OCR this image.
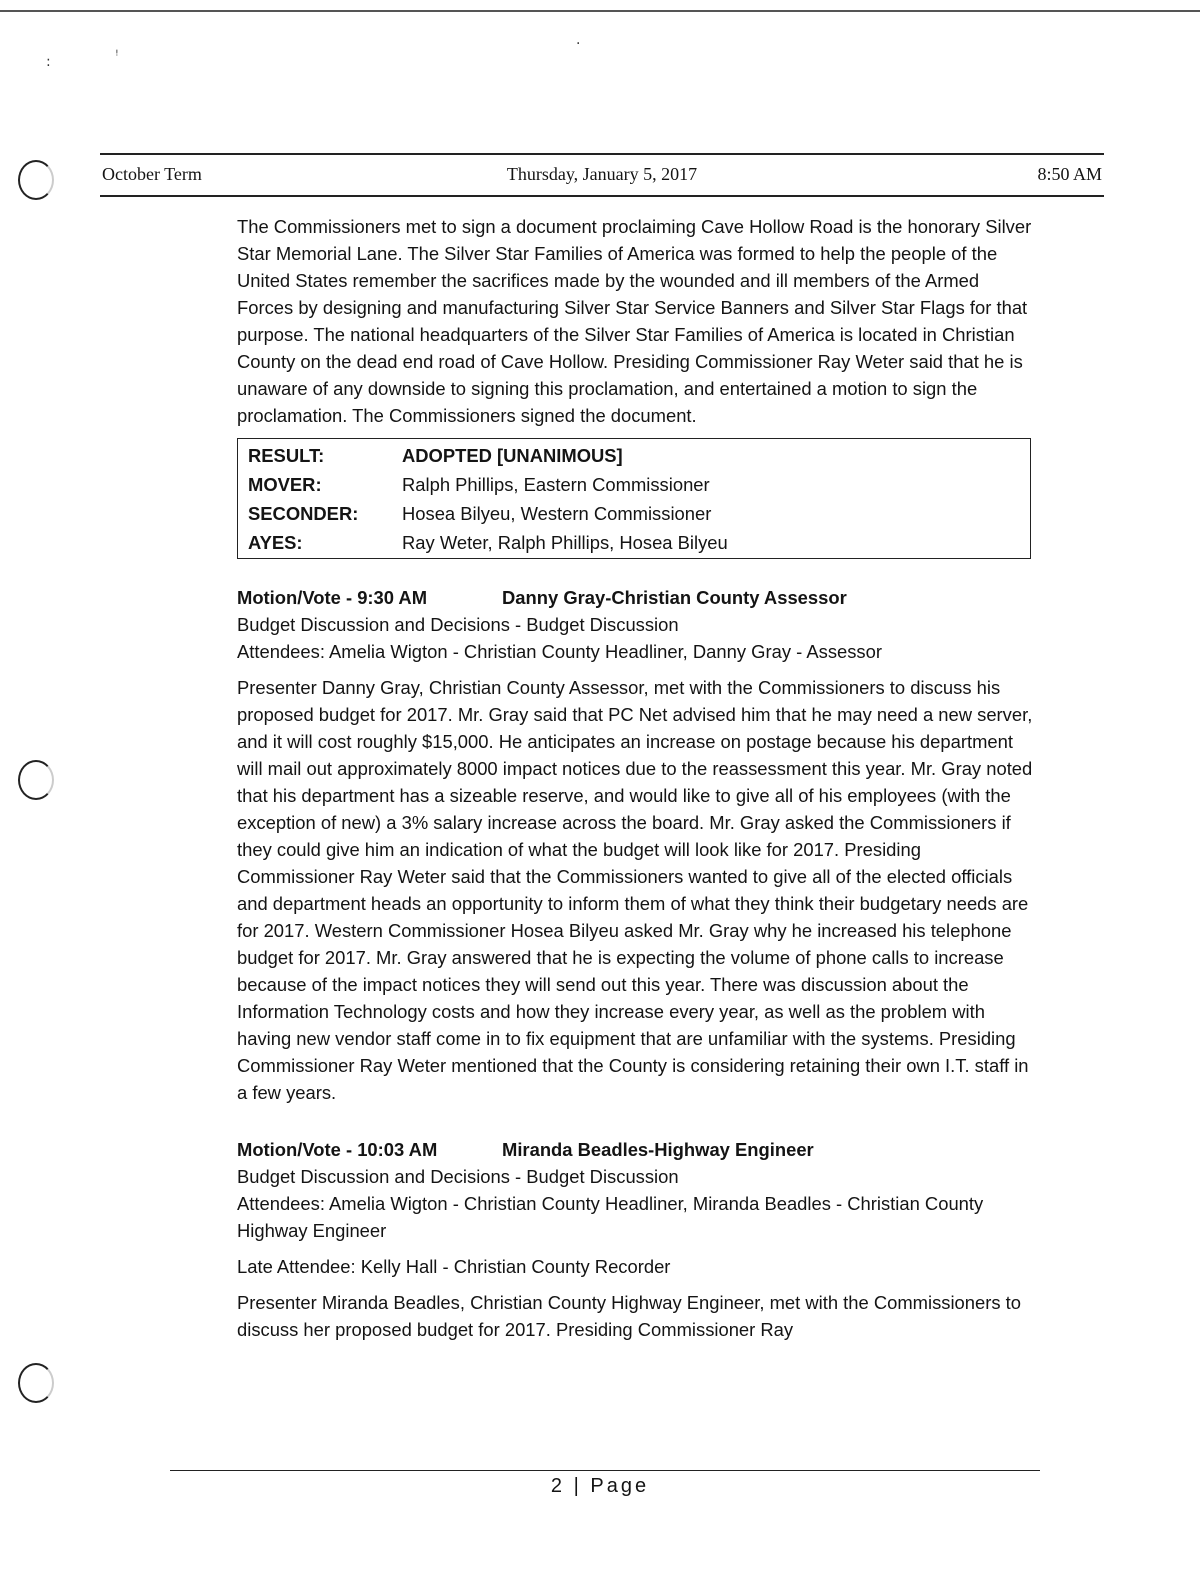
:	ꜝ
·
October Term	Thursday, January 5, 2017	8:50 AM

The Commissioners met to sign a document proclaiming Cave Hollow Road is the honorary Silver Star Memorial Lane. The Silver Star Families of America was formed to help the people of the United States remember the sacrifices made by the wounded and ill members of the Armed Forces by designing and manufacturing Silver Star Service Banners and Silver Star Flags for that purpose. The national headquarters of the Silver Star Families of America is located in Christian County on the dead end road of Cave Hollow. Presiding Commissioner Ray Weter said that he is unaware of any downside to signing this proclamation, and entertained a motion to sign the proclamation. The Commissioners signed the document.

RESULT:	ADOPTED [UNANIMOUS]
MOVER:	Ralph Phillips, Eastern Commissioner
SECONDER: Hosea Bilyeu, Western Commissioner
AYES:	Ray Weter, Ralph Phillips, Hosea Bilyeu

Motion/Vote - 9:30 AM	Danny Gray-Christian County Assessor

Budget Discussion and Decisions - Budget Discussion

Attendees: Amelia Wigton - Christian County Headliner, Danny Gray - Assessor

Presenter Danny Gray, Christian County Assessor, met with the Commissioners to discuss his proposed budget for 2017. Mr. Gray said that PC Net advised him that he may need a new server, and it will cost roughly $15,000. He anticipates an increase on postage because his department will mail out approximately 8000 impact notices due to the reassessment this year. Mr. Gray noted that his department has a sizeable reserve, and would like to give all of his employees (with the exception of new) a 3% salary increase across the board. Mr. Gray asked the Commissioners if they could give him an indication of what the budget will look like for 2017. Presiding Commissioner Ray Weter said that the Commissioners wanted to give all of the elected officials and department heads an opportunity to inform them of what they think their budgetary needs are for 2017. Western Commissioner Hosea Bilyeu asked Mr. Gray why he increased his telephone budget for 2017. Mr. Gray answered that he is expecting the volume of phone calls to increase because of the impact notices they will send out this year. There was discussion about the Information Technology costs and how they increase every year, as well as the problem with having new vendor staff come in to fix equipment that are unfamiliar with the systems. Presiding Commissioner Ray Weter mentioned that the County is considering retaining their own I.T. staff in a few years.

Motion/Vote - 10:03 AM	Miranda Beadles-Highway Engineer

Budget Discussion and Decisions - Budget Discussion

Attendees: Amelia Wigton - Christian County Headliner, Miranda Beadles - Christian County Highway Engineer

Late Attendee: Kelly Hall - Christian County Recorder

Presenter Miranda Beadles, Christian County Highway Engineer, met with the Commissioners to discuss her proposed budget for 2017. Presiding Commissioner Ray

2 | Page
